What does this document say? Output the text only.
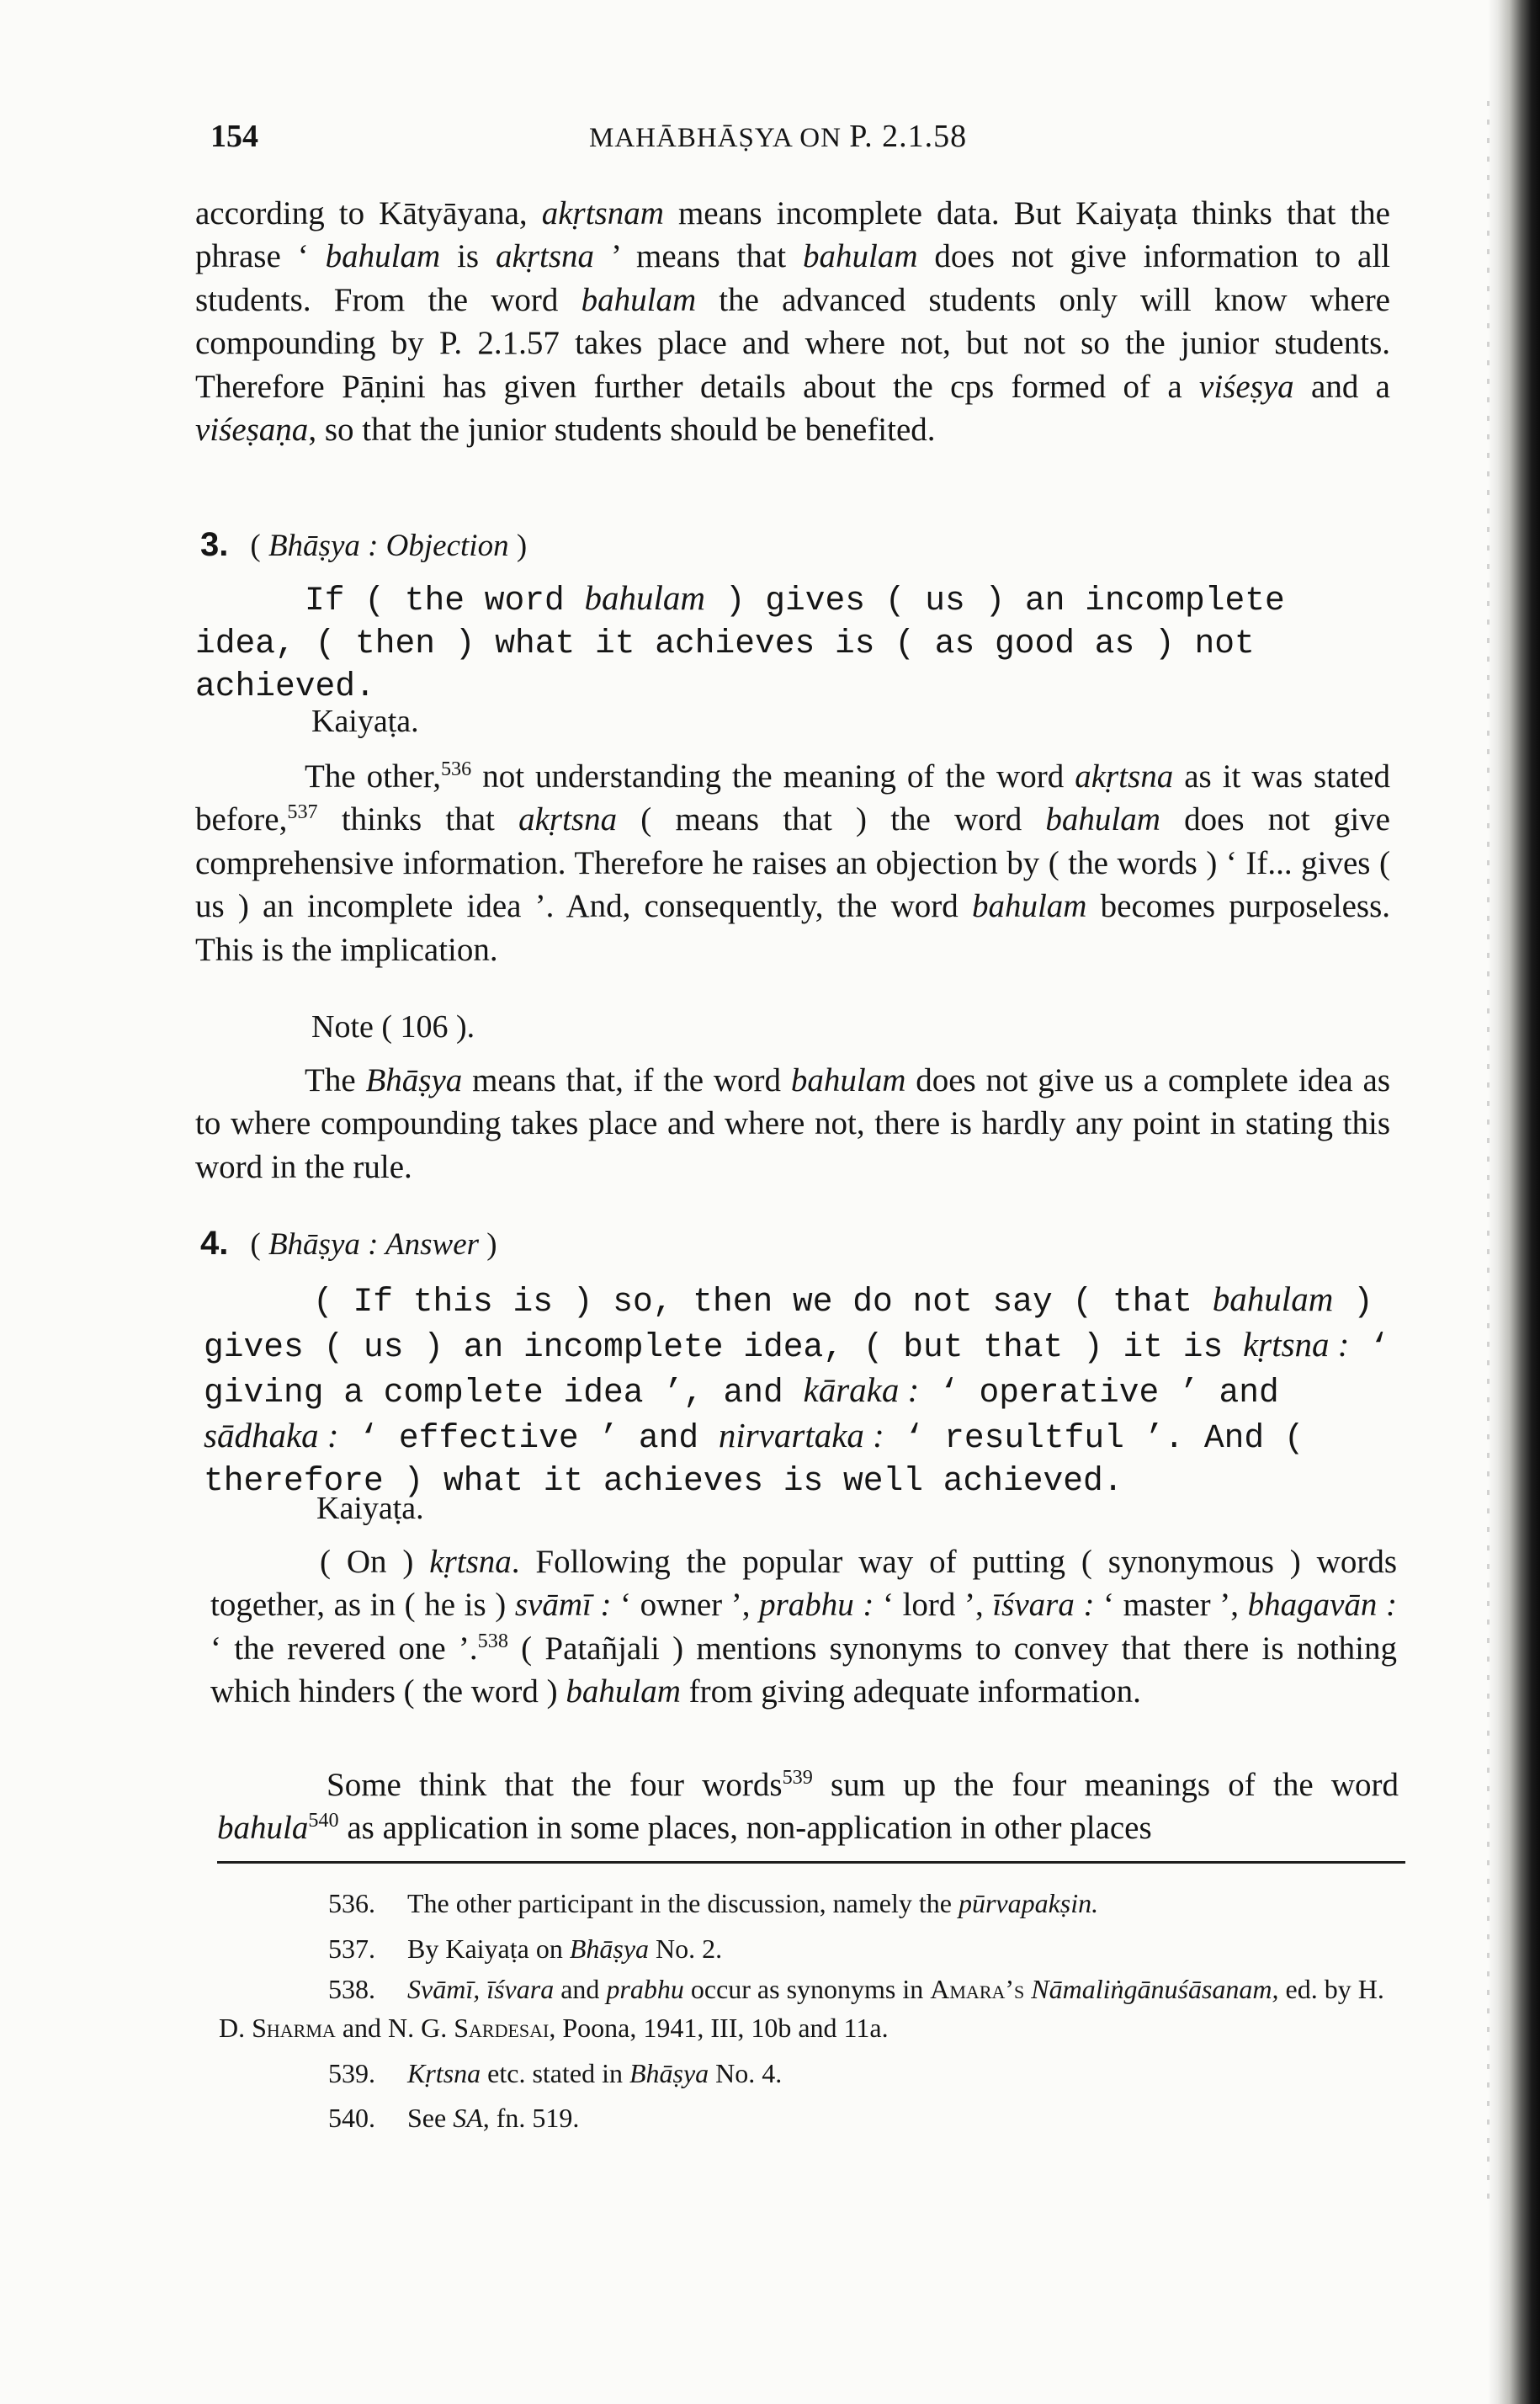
154	MAHĀBHĀṢYA ON P. 2.1.58

according to Kātyāyana, akṛtsnam means incomplete data. But Kaiyaṭa thinks that the phrase ‘ bahulam is akṛtsna ’ means that bahulam does not give information to all students. From the word bahulam the advanced students only will know where compounding by P. 2.1.57 takes place and where not, but not so the junior students. Therefore Pāṇini has given further details about the cps formed of a viśeṣya and a viśeṣaṇa, so that the junior students should be benefited.

3. ( Bhāṣya : Objection )

If ( the word bahulam ) gives ( us ) an incomplete idea, ( then ) what it achieves is ( as good as ) not achieved.

Kaiyaṭa.

The other,$^{536}$ not understanding the meaning of the word akṛtsna as it was stated before,$^{537}$ thinks that akṛtsna ( means that ) the word bahulam does not give comprehensive information. Therefore he raises an objection by ( the words ) ‘ If... gives ( us ) an incomplete idea ’. And, consequently, the word bahulam becomes purposeless. This is the implication.

Note ( 106 ).

The Bhāṣya means that, if the word bahulam does not give us a complete idea as to where compounding takes place and where not, there is hardly any point in stating this word in the rule.

4. ( Bhāṣya : Answer )

( If this is ) so, then we do not say ( that bahulam ) gives ( us ) an incomplete idea, ( but that ) it is kṛtsna : ‘ giving a complete idea ’, and kāraka : ‘ operative ’ and sādhaka : ‘ effective ’ and nirvartaka : ‘ resultful ’. And ( therefore ) what it achieves is well achieved.

Kaiyaṭa.

( On ) kṛtsna. Following the popular way of putting ( synonymous ) words together, as in ( he is ) svāmī : ‘ owner ’, prabhu : ‘ lord ’, īśvara : ‘ master ’, bhagavān : ‘ the revered one ’.$^{538}$ ( Patañjali ) mentions synonyms to convey that there is nothing which hinders ( the word ) bahulam from giving adequate information.

Some think that the four words$^{539}$ sum up the four meanings of the word bahula$^{540}$ as application in some places, non-application in other places

536. The other participant in the discussion, namely the pūrvapakṣin.
537. By Kaiyaṭa on Bhāṣya No. 2.

538. Svāmī, īśvara and prabhu occur as synonyms in Amara’s Nāmaliṅgānuśāsanam, ed. by H. D. Sharma and N. G. Sardesai, Poona, 1941, III, 10b and 11a.

539. Kṛtsna etc. stated in Bhāṣya No. 4.
540. See SA, fn. 519.
